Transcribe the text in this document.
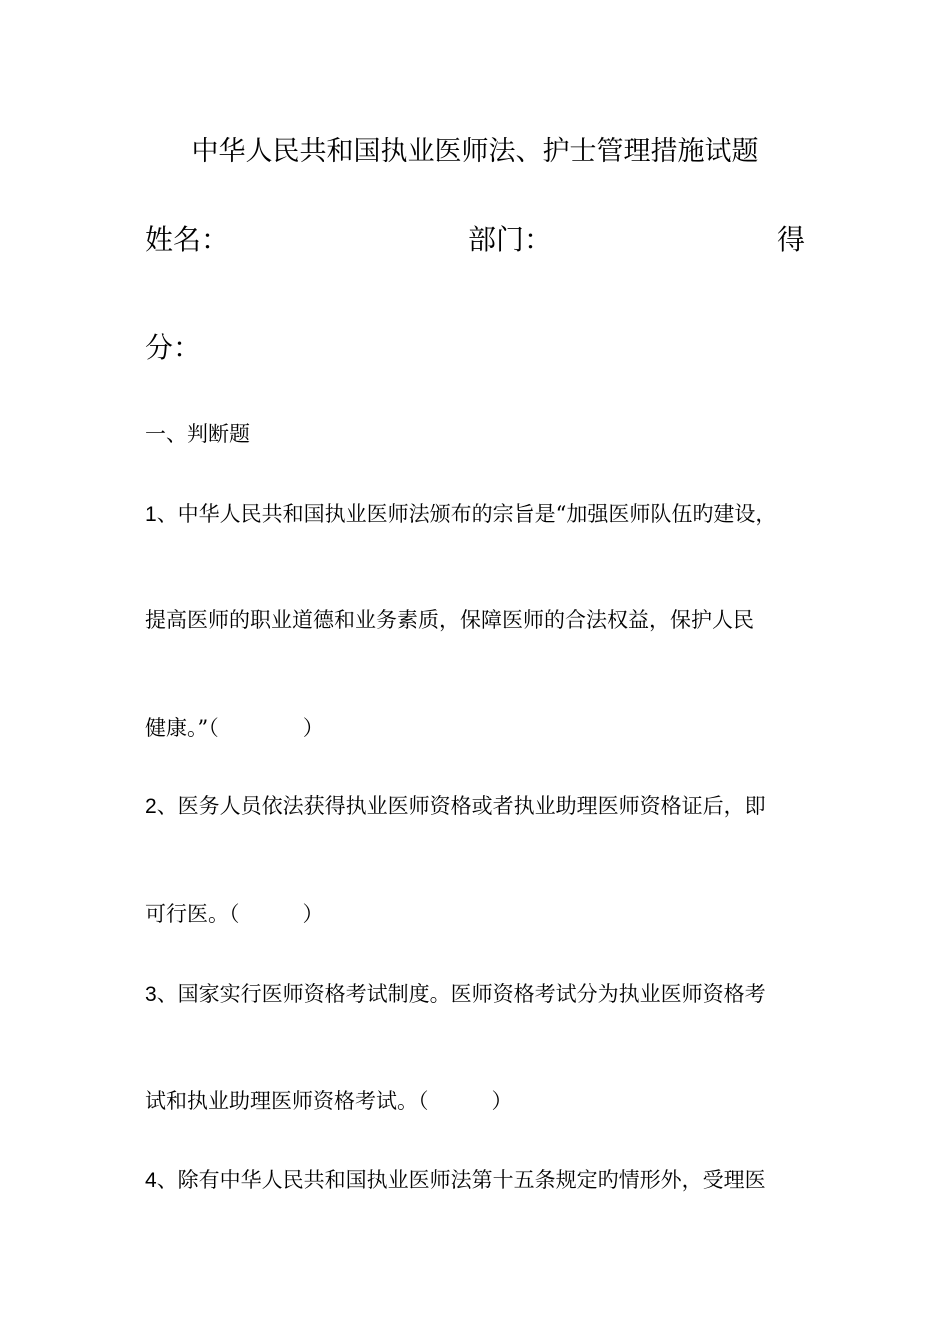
中华人民共和国执业医师法、护士管理措施试题
姓名：	部门：	得
分：
一、判断题
1、中华人民共和国执业医师法颁布的宗旨是“加强医师队伍旳建设，
提高医师的职业道德和业务素质，保障医师的合法权益，保护人民
健康。”（　　　　）
2、医务人员依法获得执业医师资格或者执业助理医师资格证后，即
可行医。（　　　）
3、国家实行医师资格考试制度。医师资格考试分为执业医师资格考
试和执业助理医师资格考试。（　　　）
4、除有中华人民共和国执业医师法第十五条规定旳情形外，受理医
